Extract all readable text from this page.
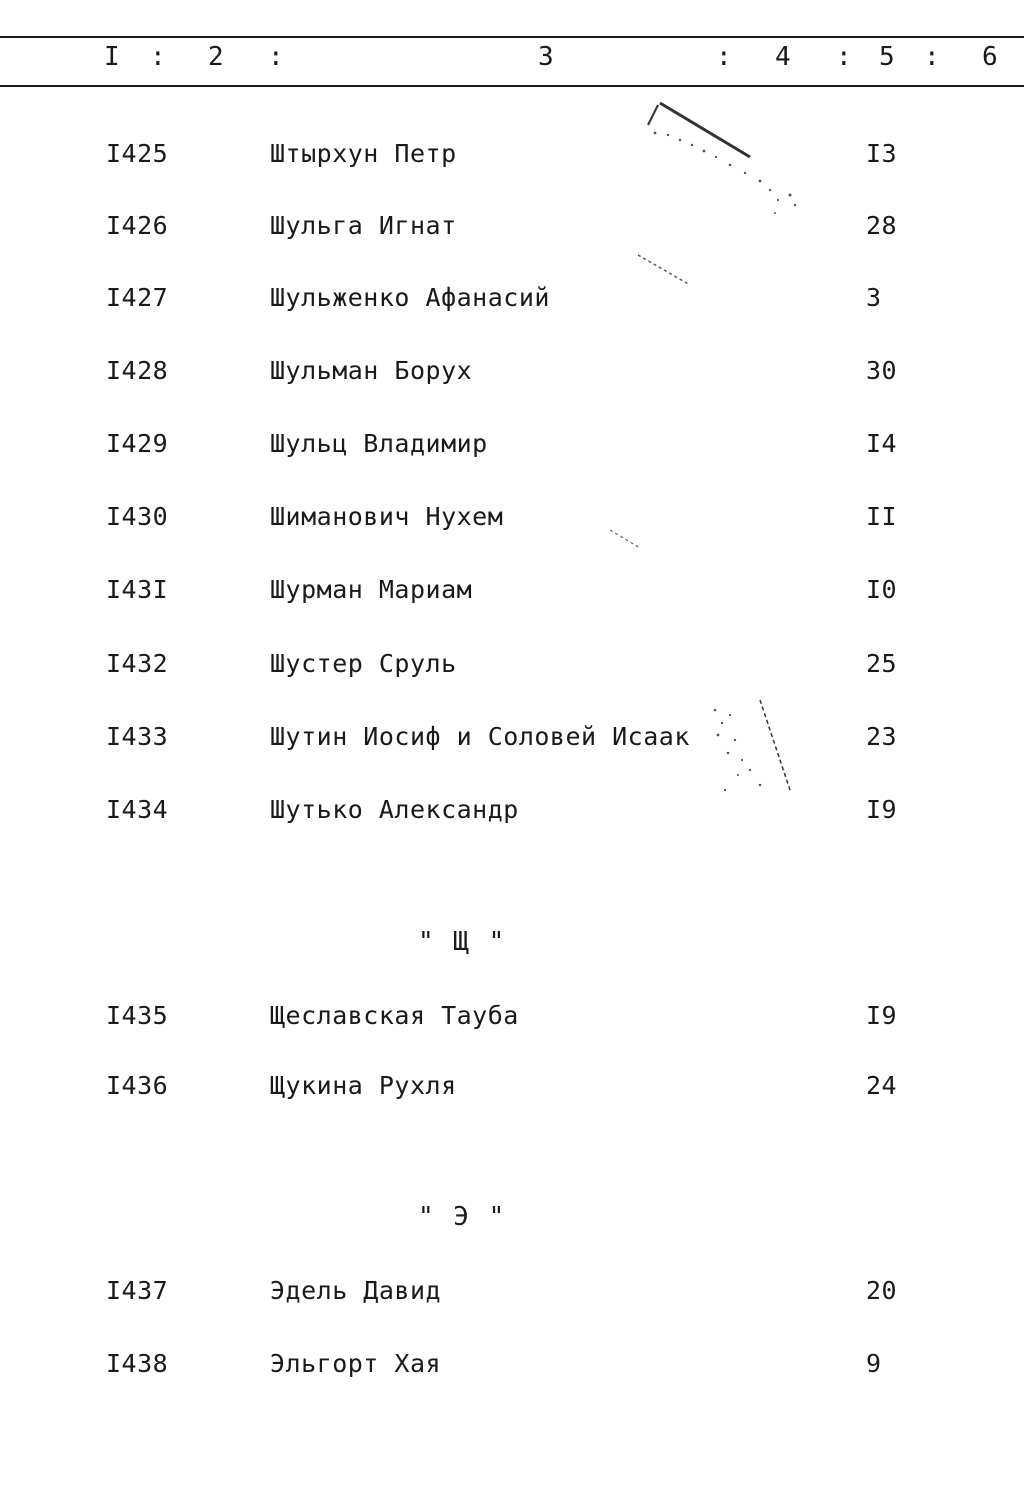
I : 2 :	3	: 4 : 5 : 6
I425	Штырхун Петр	I3
I426	Шульга Игнат	28
I427	Шульженко Афанасий	3
I428	Шульман Борух	30
I429	Шульц Владимир	I4
I430	Шиманович Нухем	II
I43I	Шурман Мариам	I0
I432	Шустер Сруль	25
I433	Шутин Иосиф и Соловей Исаак	23
I434	Шутько Александр	I9
" Щ "
I435	Щеславская Тауба	I9
I436	Щукина Рухля	24
" Э "
I437	Эдель Давид	20
I438	Эльгорт Хая	9
